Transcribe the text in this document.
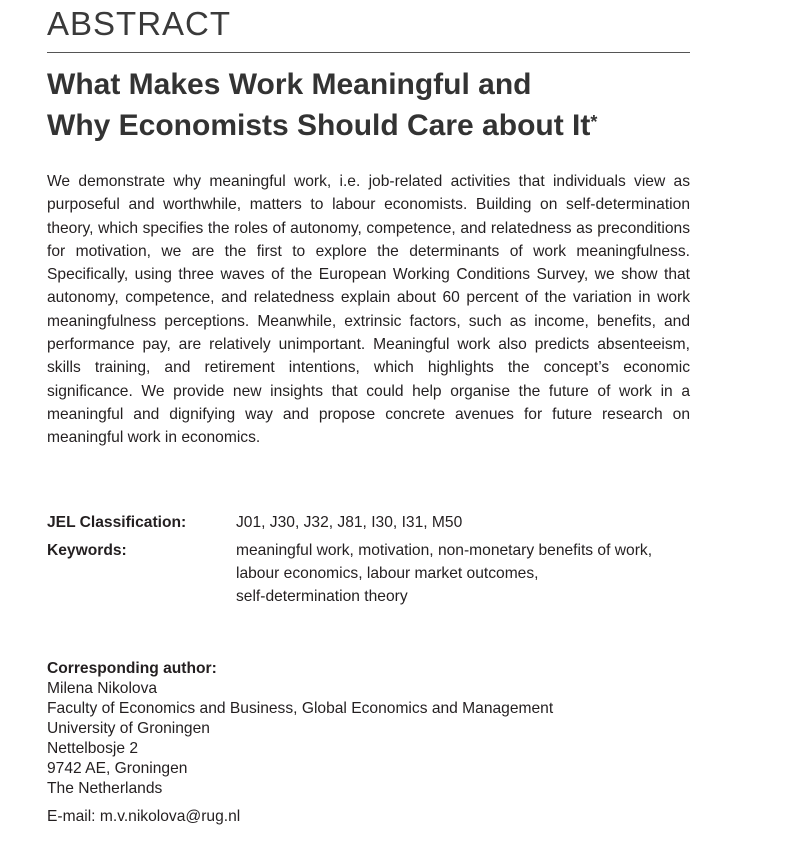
ABSTRACT
What Makes Work Meaningful and
Why Economists Should Care about It*

We demonstrate why meaningful work, i.e. job-related activities that individuals view as purposeful and worthwhile, matters to labour economists. Building on self-determination theory, which specifies the roles of autonomy, competence, and relatedness as preconditions for motivation, we are the first to explore the determinants of work meaningfulness. Specifically, using three waves of the European Working Conditions Survey, we show that autonomy, competence, and relatedness explain about 60 percent of the variation in work meaningfulness perceptions. Meanwhile, extrinsic factors, such as income, benefits, and performance pay, are relatively unimportant. Meaningful work also predicts absenteeism, skills training, and retirement intentions, which highlights the concept’s economic significance. We provide new insights that could help organise the future of work in a meaningful and dignifying way and propose concrete avenues for future research on meaningful work in economics.

JEL Classification:	J01, J30, J32, J81, I30, I31, M50
Keywords:	meaningful work, motivation, non-monetary benefits of work,
labour economics, labour market outcomes,
self-determination theory
Corresponding author:
Milena Nikolova
Faculty of Economics and Business, Global Economics and Management
University of Groningen
Nettelbosje 2
9742 AE, Groningen
The Netherlands
E-mail: m.v.nikolova@rug.nl
